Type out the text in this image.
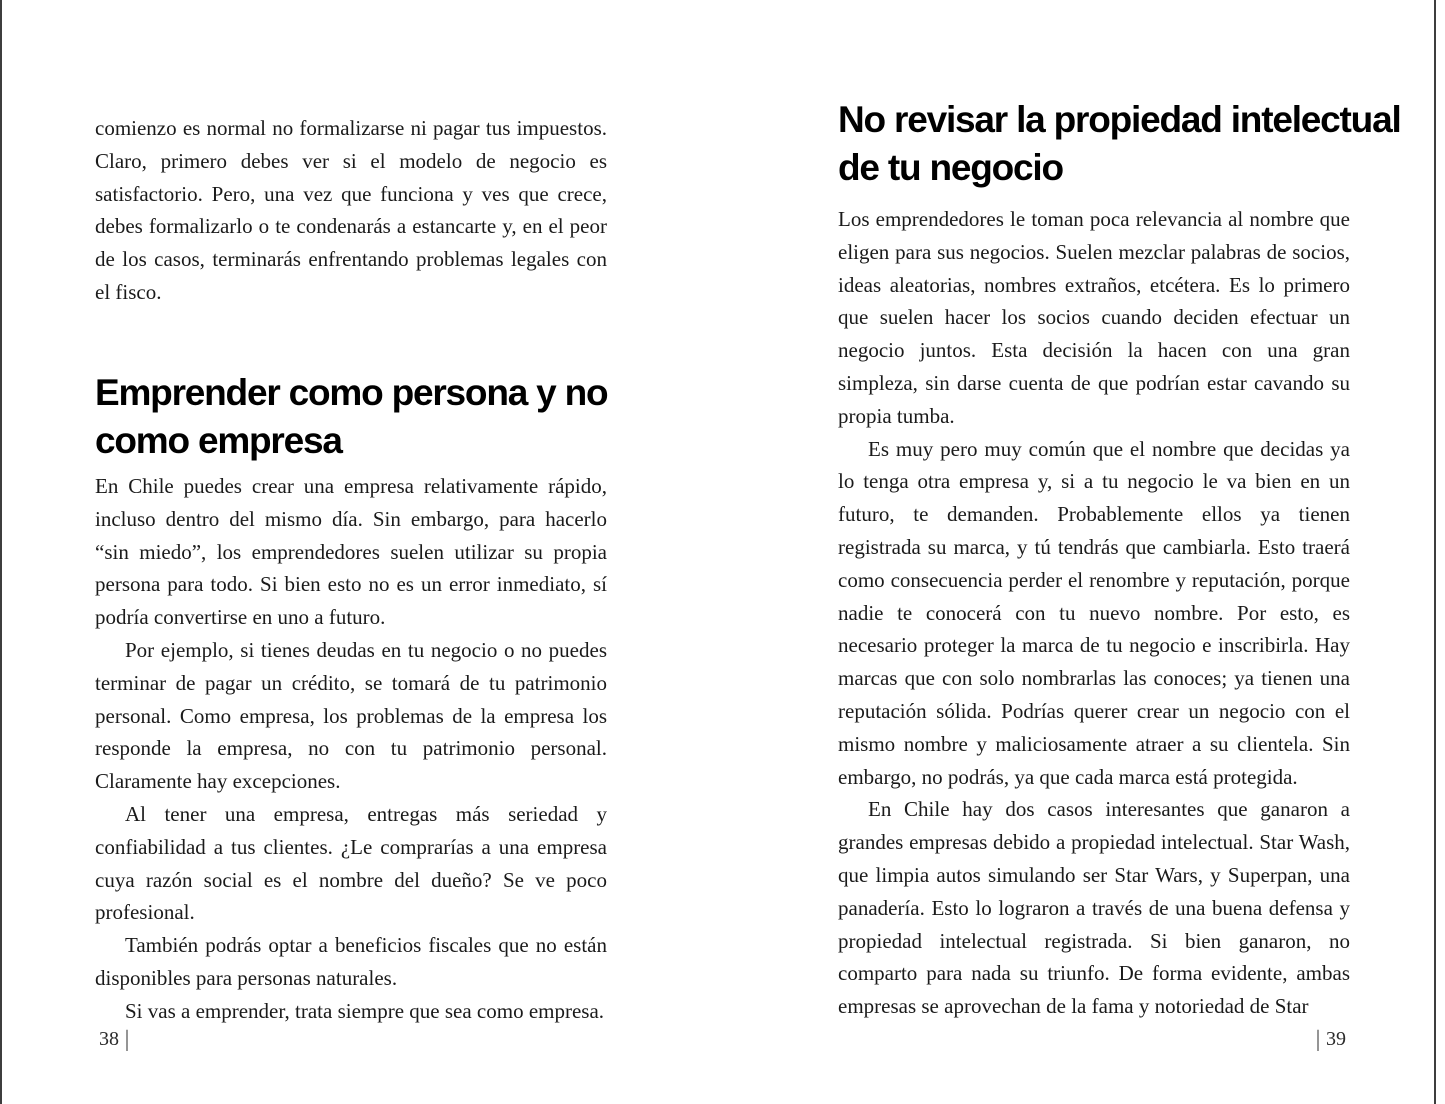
comienzo es normal no formalizarse ni pagar tus impuestos. Claro, primero debes ver si el modelo de negocio es satisfactorio. Pero, una vez que funciona y ves que crece, debes formalizarlo o te condenarás a estancarte y, en el peor de los casos, terminarás enfrentando problemas legales con el fisco.

Emprender como persona y no
como empresa

En Chile puedes crear una empresa relativamente rápido, incluso dentro del mismo día. Sin embargo, para hacerlo “sin miedo”, los emprendedores suelen utilizar su propia persona para todo. Si bien esto no es un error inmediato, sí podría convertirse en uno a futuro.

Por ejemplo, si tienes deudas en tu negocio o no puedes terminar de pagar un crédito, se tomará de tu patrimonio personal. Como empresa, los problemas de la empresa los responde la empresa, no con tu patrimonio personal. Claramente hay excepciones.

Al tener una empresa, entregas más seriedad y confiabilidad a tus clientes. ¿Le comprarías a una empresa cuya razón social es el nombre del dueño? Se ve poco profesional.

También podrás optar a beneficios fiscales que no están disponibles para personas naturales.

Si vas a emprender, trata siempre que sea como empresa.

38 |
No revisar la propiedad intelectual
de tu negocio

Los emprendedores le toman poca relevancia al nombre que eligen para sus negocios. Suelen mezclar palabras de socios, ideas aleatorias, nombres extraños, etcétera. Es lo primero que suelen hacer los socios cuando deciden efectuar un negocio juntos. Esta decisión la hacen con una gran simpleza, sin darse cuenta de que podrían estar cavando su propia tumba.

Es muy pero muy común que el nombre que decidas ya lo tenga otra empresa y, si a tu negocio le va bien en un futuro, te demanden. Probablemente ellos ya tienen registrada su marca, y tú tendrás que cambiarla. Esto traerá como consecuencia perder el renombre y reputación, porque nadie te conocerá con tu nuevo nombre. Por esto, es necesario proteger la marca de tu negocio e inscribirla. Hay marcas que con solo nombrarlas las conoces; ya tienen una reputación sólida. Podrías querer crear un negocio con el mismo nombre y maliciosamente atraer a su clientela. Sin embargo, no podrás, ya que cada marca está protegida.

En Chile hay dos casos interesantes que ganaron a grandes empresas debido a propiedad intelectual. Star Wash, que limpia autos simulando ser Star Wars, y Superpan, una panadería. Esto lo lograron a través de una buena defensa y propiedad intelectual registrada. Si bien ganaron, no comparto para nada su triunfo. De forma evidente, ambas empresas se aprovechan de la fama y notoriedad de Star

| 39
